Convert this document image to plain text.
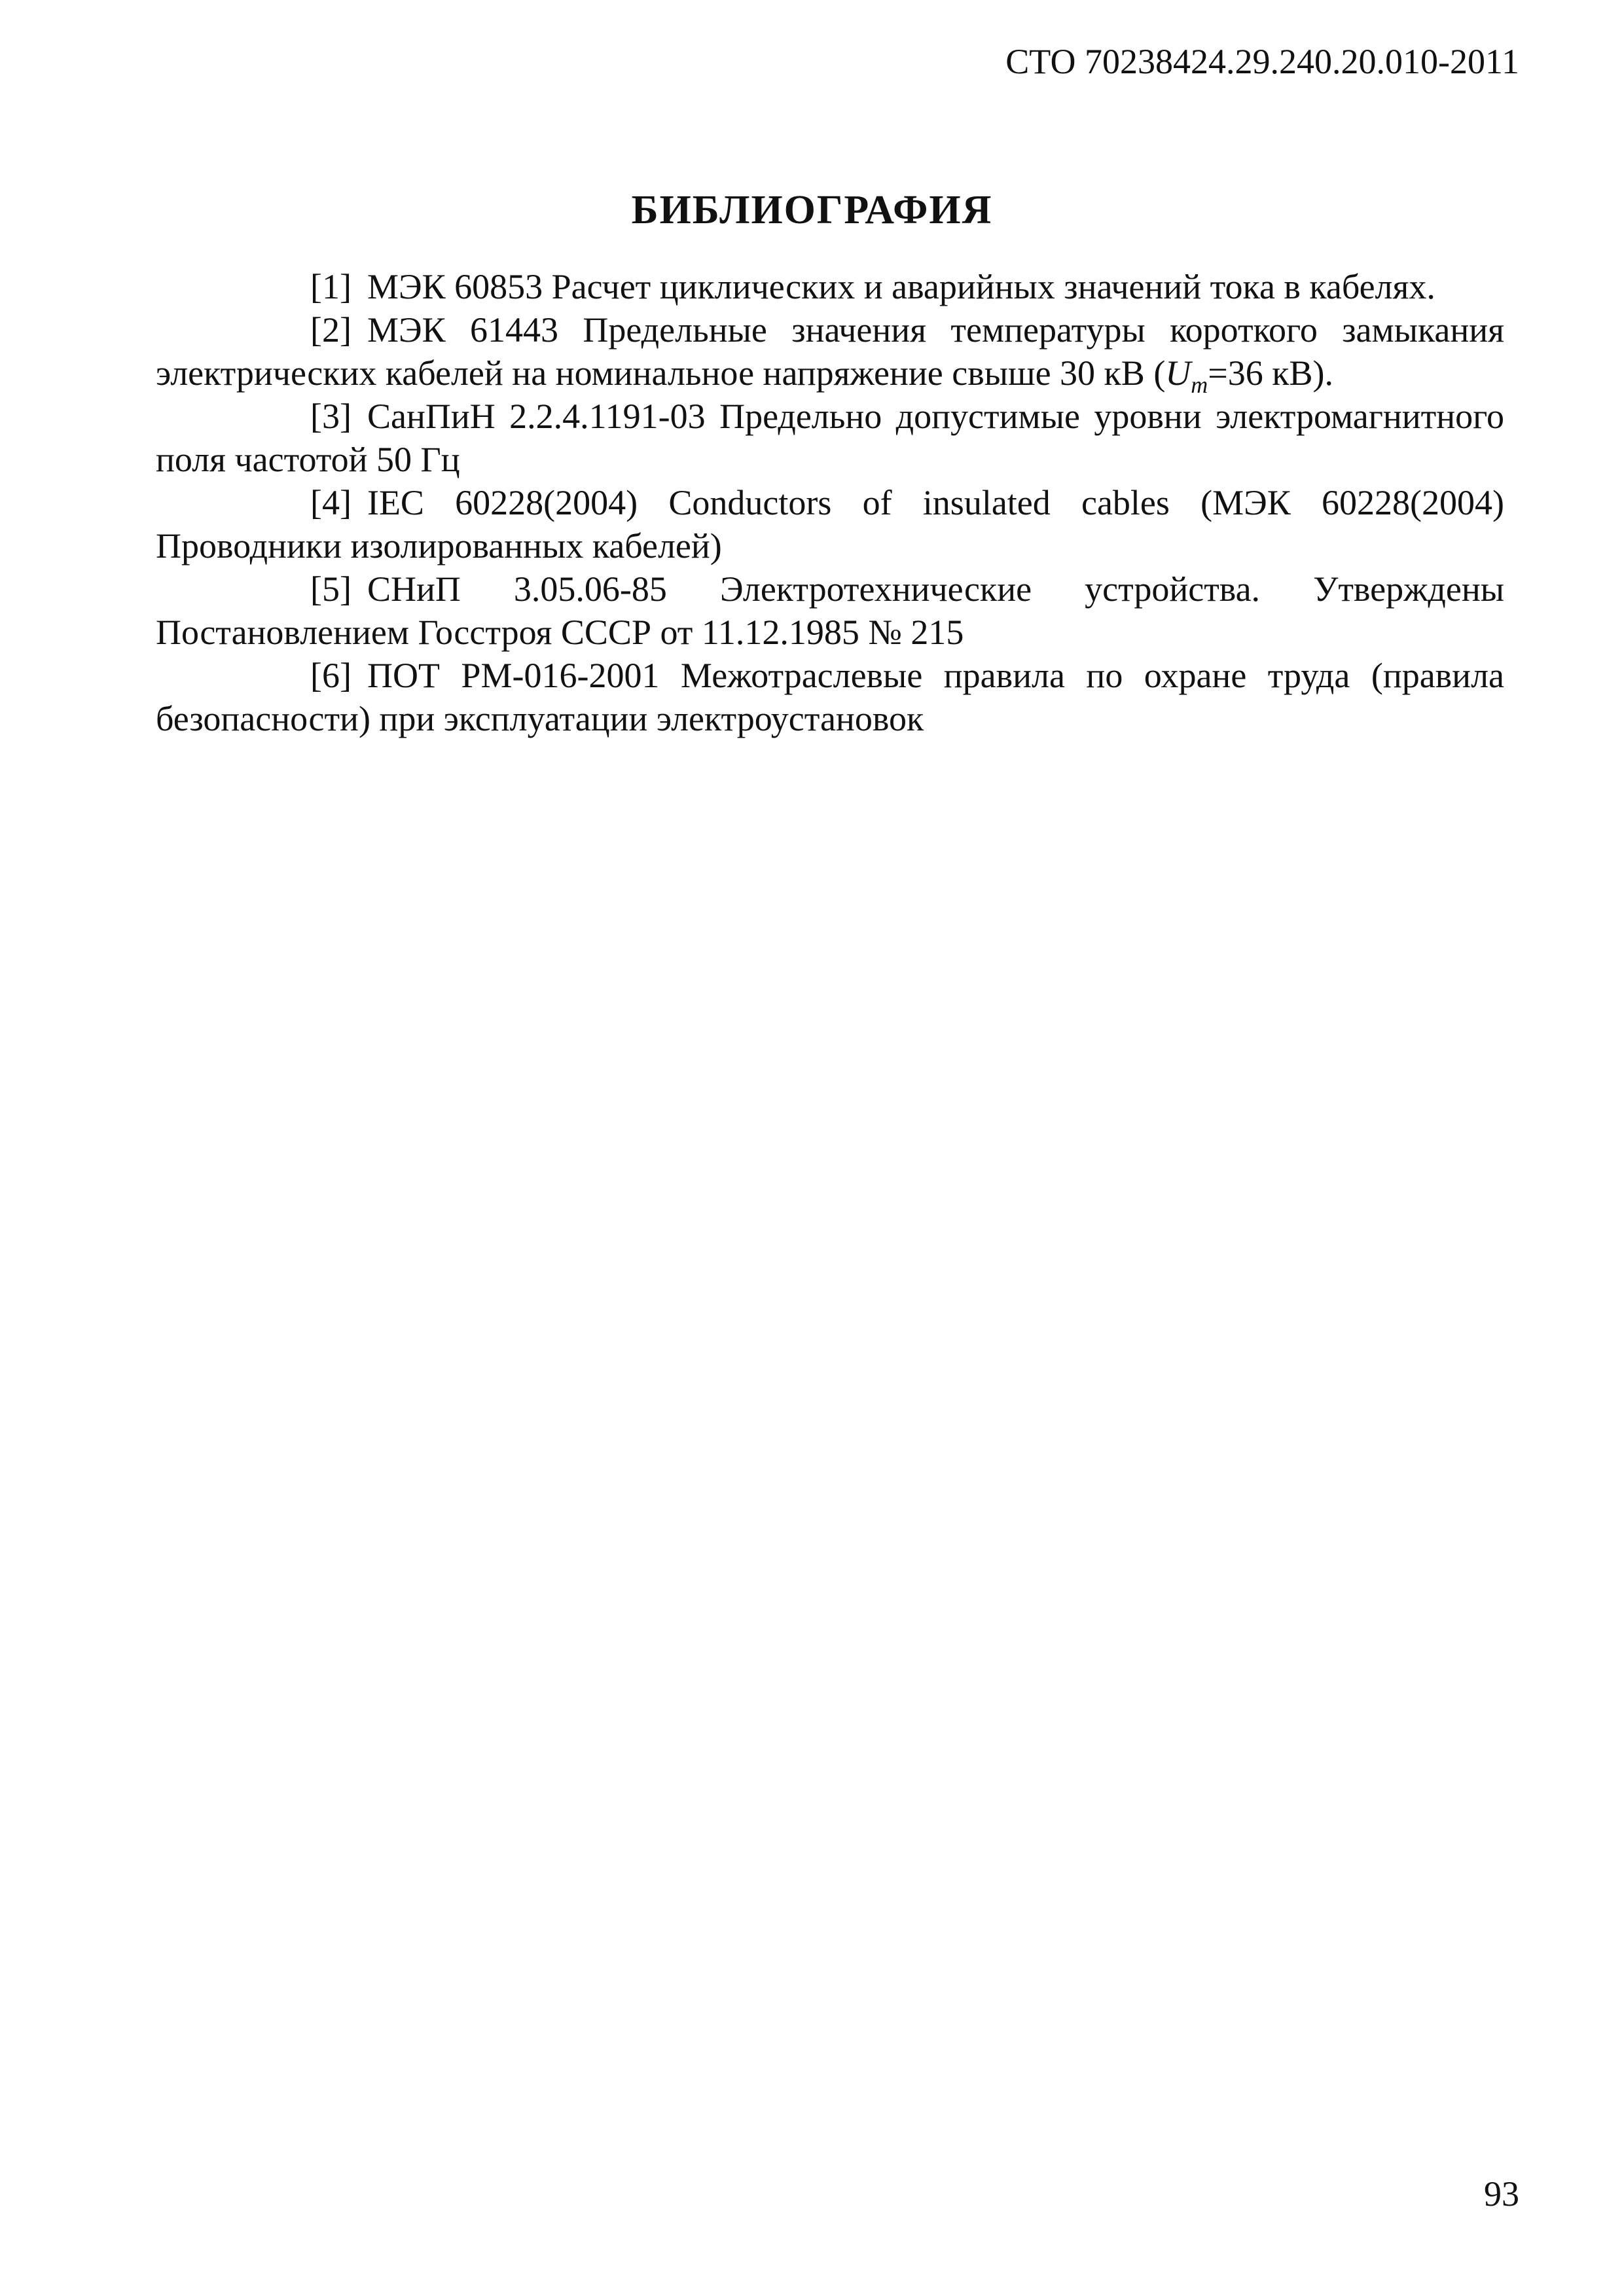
СТО 70238424.29.240.20.010-2011
БИБЛИОГРАФИЯ

[1] МЭК 60853 Расчет циклических и аварийных значений тока в кабелях.

[2] МЭК 61443 Предельные значения температуры короткого замыкания электрических кабелей на номинальное напряжение свыше 30 кВ ($U_m=36$ кВ).

[3] СанПиН 2.2.4.1191-03 Предельно допустимые уровни электромагнитного поля частотой 50 Гц

[4] IEC 60228(2004) Conductors of insulated cables (МЭК 60228(2004) Проводники изолированных кабелей)

[5] СНиП 3.05.06-85 Электротехнические устройства. Утверждены Постановлением Госстроя СССР от 11.12.1985 № 215

[6] ПОТ РМ-016-2001 Межотраслевые правила по охране труда (правила безопасности) при эксплуатации электроустановок

93
